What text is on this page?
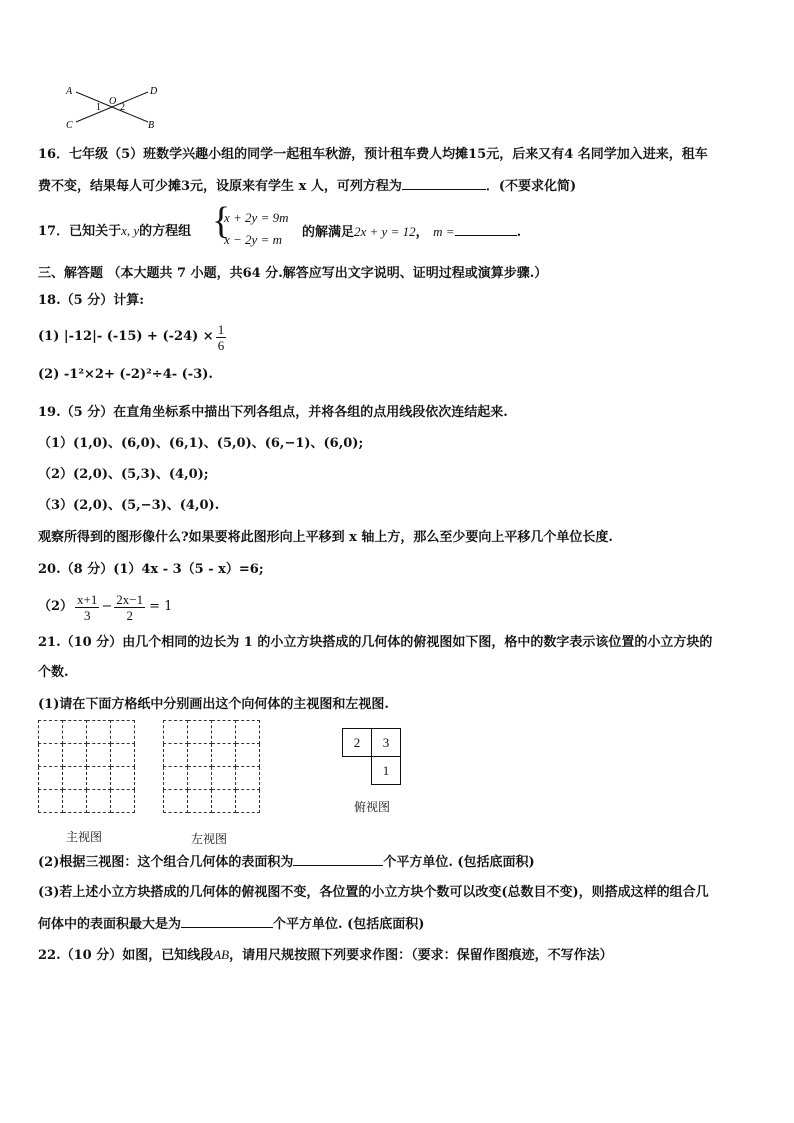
A	D
C	B
O
1 2
16．七年级（5）班数学兴趣小组的同学一起租车秋游，预计租车费人均摊15元，后来又有4 名同学加入进来，租车
费不变，结果每人可少摊3元，设原来有学生 x 人，可列方程为	．(不要求化简)
17．已知关于x, y的方程组 {
x + 2y = 9m
x − 2y = m 的解满足2x + y = 12， m =	.
三、解答题 （本大题共 7 小题，共64 分.解答应写出文字说明、证明过程或演算步骤.）
18.（5 分）计算:
(1) |-12|- $(-15) + (-24) \times \frac{1}{6}$
(2) -1²×2+ (-2)²÷4- (-3).
19.（5 分）在直角坐标系中描出下列各组点，并将各组的点用线段依次连结起来.
（1）(1,0)、(6,0)、(6,1)、(5,0)、(6,−1)、(6,0);
（2）(2,0)、(5,3)、(4,0);
（3）(2,0)、(5,−3)、(4,0).
观察所得到的图形像什么?如果要将此图形向上平移到 x 轴上方，那么至少要向上平移几个单位长度.
20.（8 分）(1）4x - 3（5 - x）=6;
$(2) \frac{x+1}{3} - \frac{2x-1}{2} = 1$
21.（10 分）由几个相同的边长为 1 的小立方块搭成的几何体的俯视图如下图，格中的数字表示该位置的小立方块的
个数.
(1)请在下面方格纸中分别画出这个向何体的主视图和左视图.

主视图

				左视图
2	3
	1
俯视图
(2)根据三视图：这个组合几何体的表面积为	个平方单位. (包括底面积)
(3)若上述小立方块搭成的几何体的俯视图不变，各位置的小立方块个数可以改变(总数目不变)，则搭成这样的组合几
何体中的表面积最大是为	个平方单位. (包括底面积)
22.（10 分）如图，已知线段AB，请用尺规按照下列要求作图：（要求：保留作图痕迹，不写作法）
